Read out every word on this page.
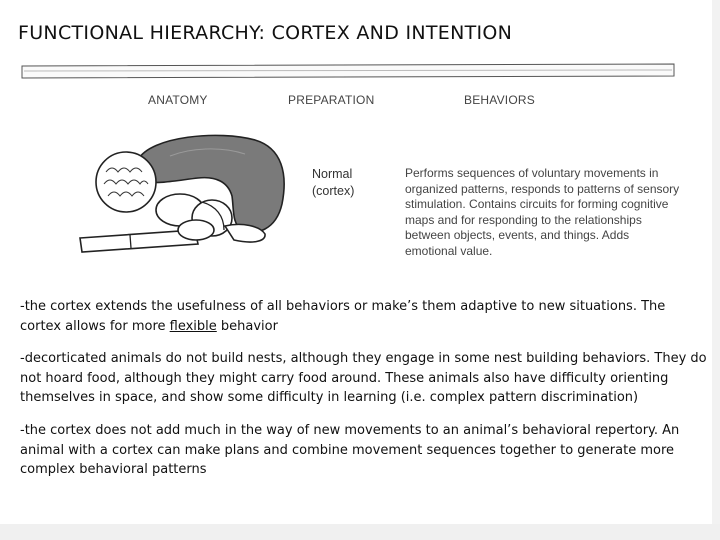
FUNCTIONAL HIERARCHY: CORTEX AND INTENTION
ANATOMY	PREPARATION	BEHAVIORS
Normal
(cortex)
Performs sequences of voluntary movements in organized patterns, responds to patterns of sensory stimulation. Contains circuits for forming cognitive maps and for responding to the relationships between objects, events, and things. Adds emotional value.

-the cortex extends the usefulness of all behaviors or make’s them adaptive to new situations. The cortex allows for more flexible behavior

-decorticated animals do not build nests, although they engage in some nest building behaviors. They do not hoard food, although they might carry food around. These animals also have difficulty orienting themselves in space, and show some difficulty in learning (i.e. complex pattern discrimination)

-the cortex does not add much in the way of new movements to an animal’s behavioral repertory. An animal with a cortex can make plans and combine movement sequences together to generate more complex behavioral patterns
